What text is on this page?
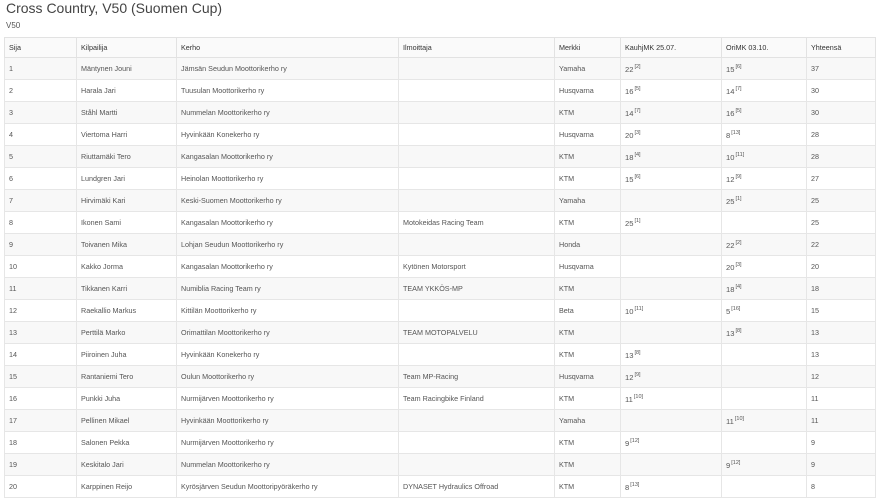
Cross Country, V50 (Suomen Cup)
V50
Sija	Kilpailija	Kerho	Ilmoittaja	Merkki	KauhjMK 25.07.	OriMK 03.10.	Yhteensä
1	Mäntynen Jouni	Jämsän Seudun Moottorikerho ry		Yamaha	22[2]	15[6]	37
2	Harala Jari	Tuusulan Moottorikerho ry		Husqvarna	16[5]	14[7]	30
3	Ståhl Martti	Nummelan Moottorikerho ry		KTM	14[7]	16[5]	30
4	Viertoma Harri	Hyvinkään Konekerho ry		Husqvarna	20[3]	8[13]	28
5	Riuttamäki Tero	Kangasalan Moottorikerho ry		KTM	18[4]	10[11]	28
6	Lundgren Jari	Heinolan Moottorikerho ry		KTM	15[6]	12[9]	27
7	Hirvimäki Kari	Keski-Suomen Moottorikerho ry		Yamaha		25[1]	25
8	Ikonen Sami	Kangasalan Moottorikerho ry	Motokeidas Racing Team	KTM	25[1]		25
9	Toivanen Mika	Lohjan Seudun Moottorikerho ry		Honda		22[2]	22
10	Kakko Jorma	Kangasalan Moottorikerho ry	Kytönen Motorsport	Husqvarna		20[3]	20
11	Tikkanen Karri	Numiblia Racing Team ry	TEAM YKKÖS-MP	KTM		18[4]	18
12	Raekallio Markus	Kittilän Moottorikerho ry		Beta	10[11]	5[16]	15
13	Perttilä Marko	Orimattilan Moottorikerho ry	TEAM MOTOPALVELU	KTM		13[8]	13
14	Piiroinen Juha	Hyvinkään Konekerho ry		KTM	13[8]		13
15	Rantaniemi Tero	Oulun Moottorikerho ry	Team MP-Racing	Husqvarna	12[9]		12
16	Punkki Juha	Nurmijärven Moottorikerho ry	Team Racingbike Finland	KTM	11[10]		11
17	Pellinen Mikael	Hyvinkään Moottorikerho ry		Yamaha		11[10]	11
18	Salonen Pekka	Nurmijärven Moottorikerho ry		KTM	9[12]		9
19	Keskitalo Jari	Nummelan Moottorikerho ry		KTM		9[12]	9
20	Karppinen Reijo	Kyrösjärven Seudun Moottoripyöräkerho ry	DYNASET Hydraulics Offroad	KTM	8[13]		8
